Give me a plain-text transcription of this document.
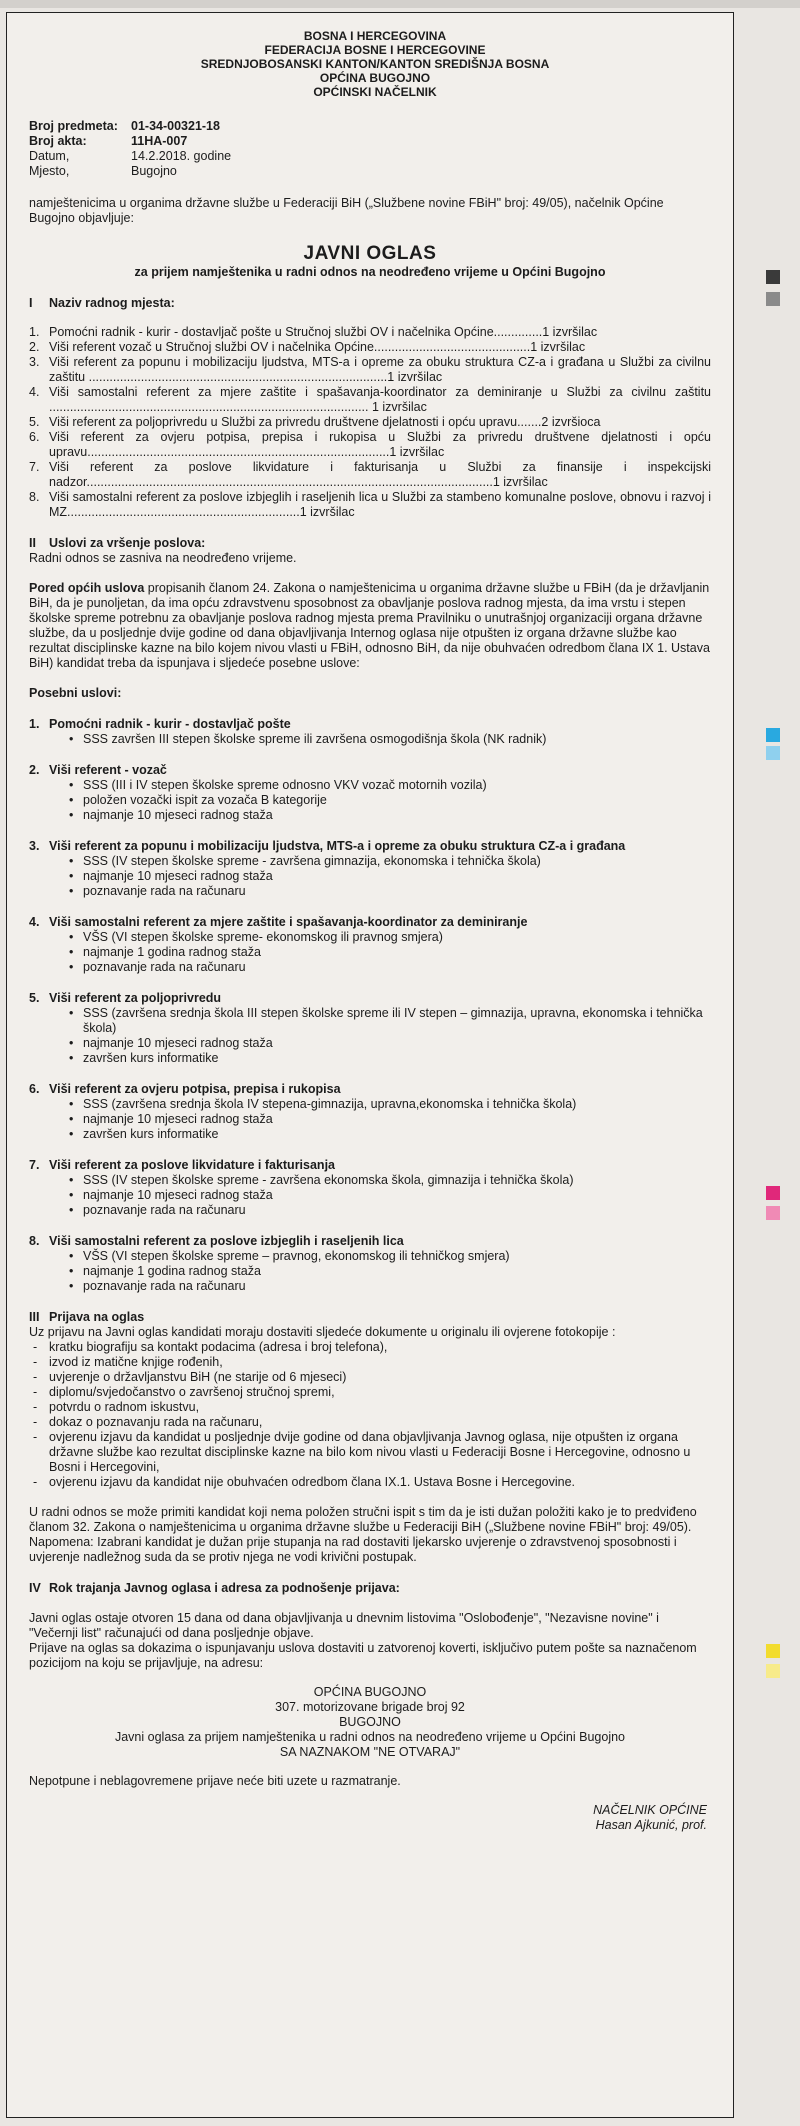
BOSNA I HERCEGOVINA
FEDERACIJA BOSNE I HERCEGOVINE
SREDNJOBOSANSKI KANTON/KANTON SREDIŠNJA BOSNA
OPĆINA BUGOJNO
OPĆINSKI NAČELNIK
Broj predmeta:	01-34-00321-18
Broj akta:	11HA-007
Datum,	14.2.2018. godine
Mjesto,	Bugojno

namještenicima u organima državne službe u Federaciji BiH („Službene novine FBiH" broj: 49/05), načelnik Općine Bugojno objavljuje:

JAVNI OGLAS
za prijem namještenika u radni odnos na neodređeno vrijeme u Općini Bugojno
I	Naziv radnog mjesta:
1. Pomoćni radnik - kurir - dostavljač pošte u Stručnoj službi OV i načelnika Općine..............1 izvršilac
2. Viši referent vozač u Stručnoj službi OV i načelnika Općine.............................................1 izvršilac
3. Viši referent za popunu i mobilizaciju ljudstva, MTS-a i opreme za obuku struktura CZ-a i građana u Službi za civilnu zaštitu ......................................................................................1 izvršilac
4. Viši samostalni referent za mjere zaštite i spašavanja-koordinator za deminiranje u Službi za civilnu zaštitu ............................................................................................ 1 izvršilac
5. Viši referent za poljoprivredu u Službi za privredu društvene djelatnosti i opću upravu.......2 izvršioca
6. Viši referent za ovjeru potpisa, prepisa i rukopisa u Službi za privredu društvene djelatnosti i opću upravu.......................................................................................1 izvršilac
7. Viši referent za poslove likvidature i fakturisanja u Službi za finansije i inspekcijski nadzor.....................................................................................................................1 izvršilac
8. Viši samostalni referent za poslove izbjeglih i raseljenih lica u Službi za stambeno komunalne poslove, obnovu i razvoj i MZ...................................................................1 izvršilac
II	Uslovi za vršenje poslova:

Radni odnos se zasniva na neodređeno vrijeme.

Pored općih uslova propisanih članom 24. Zakona o namještenicima u organima državne službe u FBiH (da je državljanin BiH, da je punoljetan, da ima opću zdravstvenu sposobnost za obavljanje poslova radnog mjesta, da ima vrstu i stepen školske spreme potrebnu za obavljanje poslova radnog mjesta prema Pravilniku o unutrašnjoj organizaciji organa državne službe, da u posljednje dvije godine od dana objavljivanja Internog oglasa nije otpušten iz organa državne službe kao rezultat disciplinske kazne na bilo kojem nivou vlasti u FBiH, odnosno BiH, da nije obuhvaćen odredbom člana IX 1. Ustava BiH) kandidat treba da ispunjava i sljedeće posebne uslove:

Posebni uslovi:

1. Pomoćni radnik - kurir - dostavljač pošte
• SSS završen III stepen školske spreme ili završena osmogodišnja škola (NK radnik)
2. Viši referent - vozač
• SSS (III i IV stepen školske spreme odnosno VKV vozač motornih vozila)
• položen vozački ispit za vozača B kategorije
• najmanje 10 mjeseci radnog staža
3. Viši referent za popunu i mobilizaciju ljudstva, MTS-a i opreme za obuku struktura CZ-a i građana
• SSS (IV stepen školske spreme - završena gimnazija, ekonomska i tehnička škola)
• najmanje 10 mjeseci radnog staža
• poznavanje rada na računaru
4. Viši samostalni referent za mjere zaštite i spašavanja-koordinator za deminiranje
• VŠS (VI stepen školske spreme- ekonomskog ili pravnog smjera)
• najmanje 1 godina radnog staža
• poznavanje rada na računaru
5. Viši referent za poljoprivredu
• SSS (završena srednja škola III stepen školske spreme ili IV stepen – gimnazija, upravna, ekonomska i tehnička škola)
• najmanje 10 mjeseci radnog staža
• završen kurs informatike
6. Viši referent za ovjeru potpisa, prepisa i rukopisa
• SSS (završena srednja škola IV stepena-gimnazija, upravna,ekonomska i tehnička škola)
• najmanje 10 mjeseci radnog staža
• završen kurs informatike
7. Viši referent za poslove likvidature i fakturisanja
• SSS (IV stepen školske spreme - završena ekonomska škola, gimnazija i tehnička škola)
• najmanje 10 mjeseci radnog staža
• poznavanje rada na računaru
8. Viši samostalni referent za poslove izbjeglih i raseljenih lica
• VŠS (VI stepen školske spreme – pravnog, ekonomskog ili tehničkog smjera)
• najmanje 1 godina radnog staža
• poznavanje rada na računaru
III Prijava na oglas

Uz prijavu na Javni oglas kandidati moraju dostaviti sljedeće dokumente u originalu ili ovjerene fotokopije :

- kratku biografiju sa kontakt podacima (adresa i broj telefona),
- izvod iz matične knjige rođenih,
- uvjerenje o državljanstvu BiH (ne starije od 6 mjeseci)
- diplomu/svjedočanstvo o završenoj stručnoj spremi,
- potvrdu o radnom iskustvu,
- dokaz o poznavanju rada na računaru,
- ovjerenu izjavu da kandidat u posljednje dvije godine od dana objavljivanja Javnog oglasa, nije otpušten iz organa državne službe kao rezultat disciplinske kazne na bilo kom nivou vlasti u Federaciji Bosne i Hercegovine, odnosno u Bosni i Hercegovini,
- ovjerenu izjavu da kandidat nije obuhvaćen odredbom člana IX.1. Ustava Bosne i Hercegovine.

U radni odnos se može primiti kandidat koji nema položen stručni ispit s tim da je isti dužan položiti kako je to predviđeno članom 32. Zakona o namještenicima u organima državne službe u Federaciji BiH („Službene novine FBiH" broj: 49/05).

Napomena: Izabrani kandidat je dužan prije stupanja na rad dostaviti ljekarsko uvjerenje o zdravstvenoj sposobnosti i uvjerenje nadležnog suda da se protiv njega ne vodi krivični postupak.

IV Rok trajanja Javnog oglasa i adresa za podnošenje prijava:

Javni oglas ostaje otvoren 15 dana od dana objavljivanja u dnevnim listovima "Oslobođenje", "Nezavisne novine" i "Večernji list" računajući od dana posljednje objave.

Prijave na oglas sa dokazima o ispunjavanju uslova dostaviti u zatvorenoj koverti, isključivo putem pošte sa naznačenom pozicijom na koju se prijavljuje, na adresu:

OPĆINA BUGOJNO

307. motorizovane brigade broj 92

BUGOJNO

Javni oglasa za prijem namještenika u radni odnos na neodređeno vrijeme u Općini Bugojno

SA NAZNAKOM "NE OTVARAJ"

Nepotpune i neblagovremene prijave neće biti uzete u razmatranje.

NAČELNIK OPĆINE
Hasan Ajkunić, prof.
